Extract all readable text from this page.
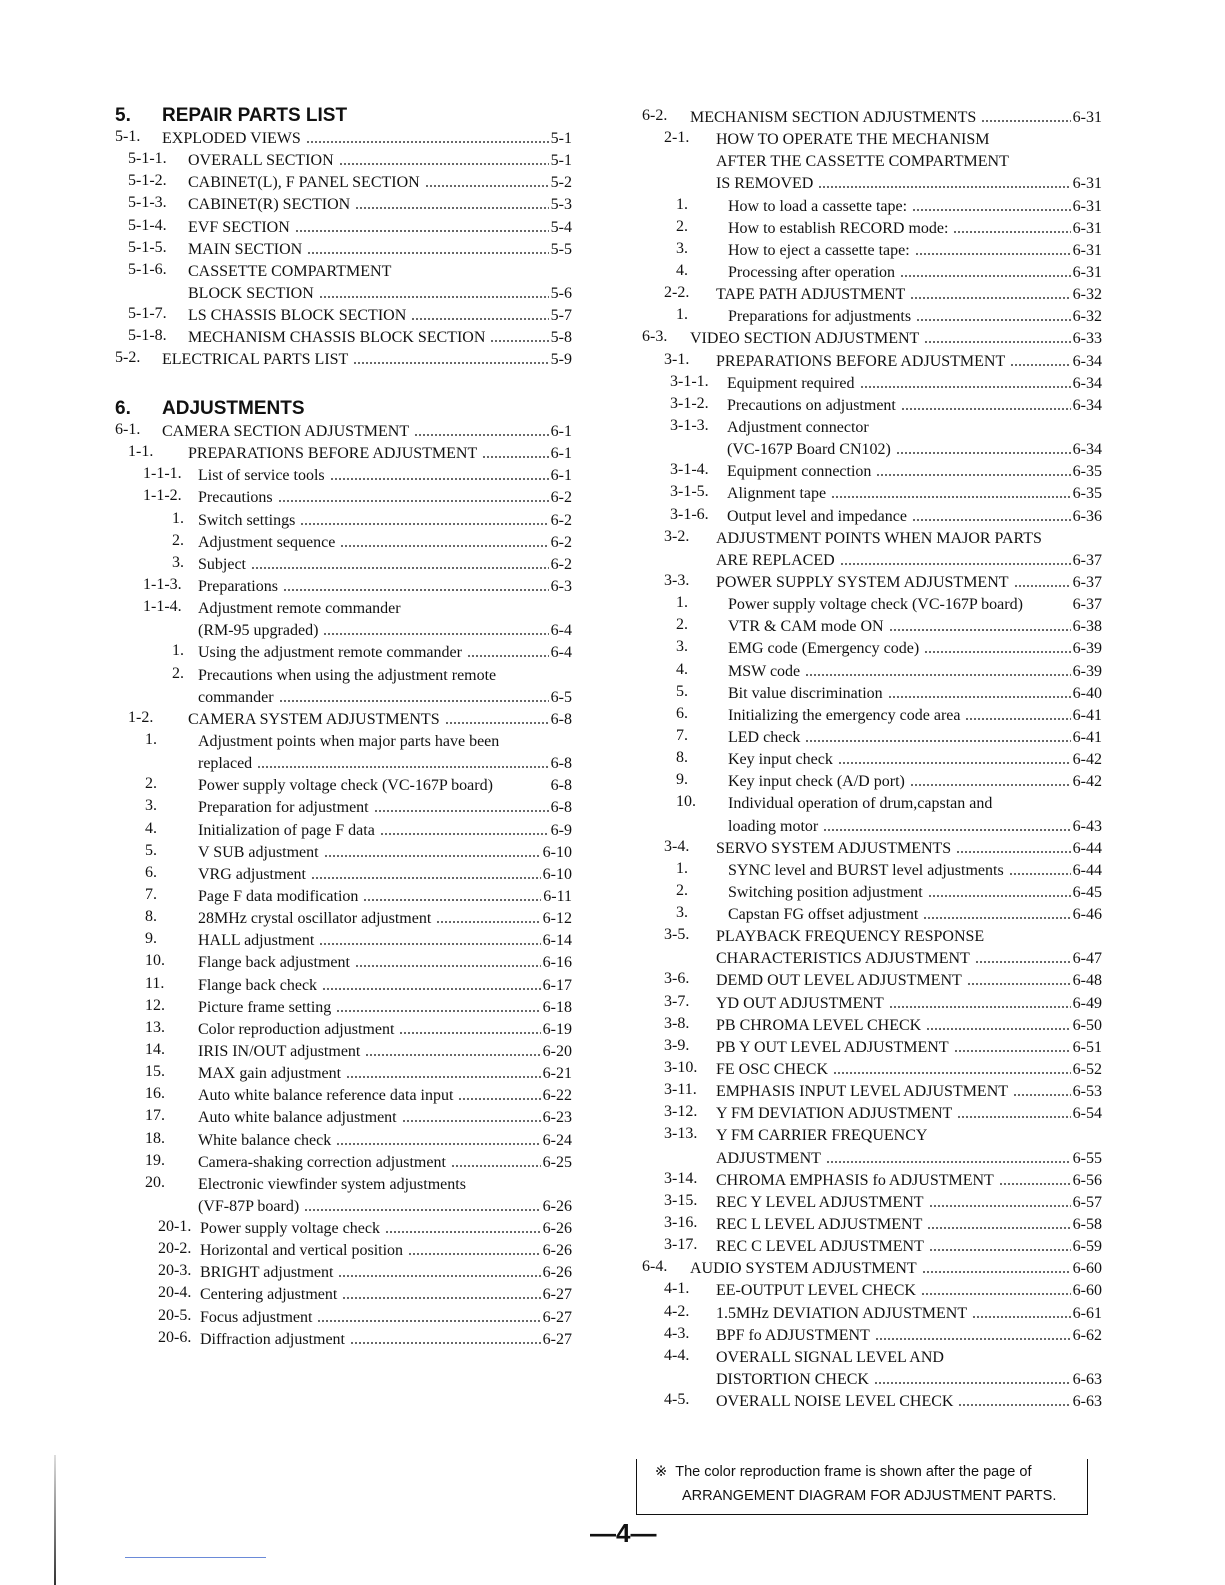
5. REPAIR PARTS LIST
5-1. EXPLODED VIEWS	5-1
5-1-1. OVERALL SECTION	5-1
5-1-2. CABINET(L), F PANEL SECTION	5-2
5-1-3. CABINET(R) SECTION	5-3
5-1-4. EVF SECTION	5-4
5-1-5. MAIN SECTION	5-5
5-1-6. CASSETTE COMPARTMENT
BLOCK SECTION	5-6
5-1-7. LS CHASSIS BLOCK SECTION	5-7
5-1-8. MECHANISM CHASSIS BLOCK SECTION	5-8
5-2. ELECTRICAL PARTS LIST	5-9
6. ADJUSTMENTS
6-1. CAMERA SECTION ADJUSTMENT	6-1
1-1. PREPARATIONS BEFORE ADJUSTMENT	6-1
1-1-1. List of service tools	6-1
1-1-2. Precautions	6-2
1. Switch settings	6-2
2. Adjustment sequence	6-2
3. Subject	6-2
1-1-3. Preparations	6-3
1-1-4. Adjustment remote commander
(RM-95 upgraded)	6-4
1. Using the adjustment remote commander	6-4
2. Precautions when using the adjustment remote
commander	6-5
1-2. CAMERA SYSTEM ADJUSTMENTS	6-8
1.	Adjustment points when major parts have been
replaced	6-8
2.	Power supply voltage check (VC-167P board)	6-8
3.	Preparation for adjustment	6-8
4.	Initialization of page F data	6-9
5.	V SUB adjustment	6-10
6.	VRG adjustment	6-10
7.	Page F data modification	6-11
8.	28MHz crystal oscillator adjustment	6-12
9.	HALL adjustment	6-14
10. Flange back adjustment	6-16
11. Flange back check	6-17
12. Picture frame setting	6-18
13. Color reproduction adjustment	6-19
14. IRIS IN/OUT adjustment	6-20
15. MAX gain adjustment	6-21
16. Auto white balance reference data input	6-22
17. Auto white balance adjustment	6-23
18. White balance check	6-24
19. Camera-shaking correction adjustment	6-25
20. Electronic viewfinder system adjustments
(VF-87P board)	6-26
20-1. Power supply voltage check	6-26
20-2. Horizontal and vertical position	6-26
20-3. BRIGHT adjustment	6-26
20-4. Centering adjustment	6-27
20-5. Focus adjustment	6-27
20-6. Diffraction adjustment	6-27
6-2. MECHANISM SECTION ADJUSTMENTS	6-31
2-1. HOW TO OPERATE THE MECHANISM
AFTER THE CASSETTE COMPARTMENT
IS REMOVED	6-31
1.	How to load a cassette tape:	6-31
2.	How to establish RECORD mode:	6-31
3.	How to eject a cassette tape:	6-31
4.	Processing after operation	6-31
2-2. TAPE PATH ADJUSTMENT	6-32
1.	Preparations for adjustments	6-32
6-3. VIDEO SECTION ADJUSTMENT	6-33
3-1. PREPARATIONS BEFORE ADJUSTMENT	6-34
3-1-1. Equipment required	6-34
3-1-2. Precautions on adjustment	6-34
3-1-3. Adjustment connector
(VC-167P Board CN102)	6-34
3-1-4. Equipment connection	6-35
3-1-5. Alignment tape	6-35
3-1-6. Output level and impedance	6-36
3-2. ADJUSTMENT POINTS WHEN MAJOR PARTS
ARE REPLACED	6-37
3-3. POWER SUPPLY SYSTEM ADJUSTMENT	6-37
1.	Power supply voltage check (VC-167P board)	6-37
2.	VTR & CAM mode ON	6-38
3.	EMG code (Emergency code)	6-39
4.	MSW code	6-39
5.	Bit value discrimination	6-40
6.	Initializing the emergency code area	6-41
7.	LED check	6-41
8.	Key input check	6-42
9.	Key input check (A/D port)	6-42
10. Individual operation of drum,capstan and
loading motor	6-43
3-4. SERVO SYSTEM ADJUSTMENTS	6-44
1.	SYNC level and BURST level adjustments	6-44
2.	Switching position adjustment	6-45
3.	Capstan FG offset adjustment	6-46
3-5. PLAYBACK FREQUENCY RESPONSE
CHARACTERISTICS ADJUSTMENT	6-47
3-6. DEMD OUT LEVEL ADJUSTMENT	6-48
3-7. YD OUT ADJUSTMENT	6-49
3-8. PB CHROMA LEVEL CHECK	6-50
3-9. PB Y OUT LEVEL ADJUSTMENT	6-51
3-10. FE OSC CHECK	6-52
3-11. EMPHASIS INPUT LEVEL ADJUSTMENT	6-53
3-12. Y FM DEVIATION ADJUSTMENT	6-54
3-13. Y FM CARRIER FREQUENCY
ADJUSTMENT	6-55
3-14. CHROMA EMPHASIS fo ADJUSTMENT	6-56
3-15. REC Y LEVEL ADJUSTMENT	6-57
3-16. REC L LEVEL ADJUSTMENT	6-58
3-17. REC C LEVEL ADJUSTMENT	6-59
6-4. AUDIO SYSTEM ADJUSTMENT	6-60
4-1. EE-OUTPUT LEVEL CHECK	6-60
4-2. 1.5MHz DEVIATION ADJUSTMENT	6-61
4-3. BPF fo ADJUSTMENT	6-62
4-4. OVERALL SIGNAL LEVEL AND
DISTORTION CHECK	6-63
4-5. OVERALL NOISE LEVEL CHECK	6-63
※ The color reproduction frame is shown after the page of
ARRANGEMENT DIAGRAM FOR ADJUSTMENT PARTS.
—4—
